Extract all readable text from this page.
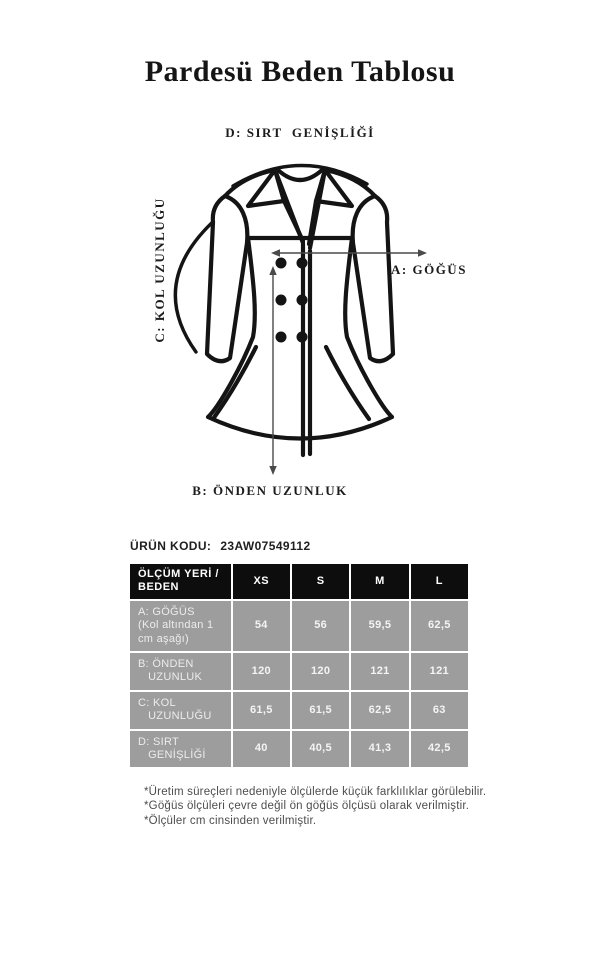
Pardesü Beden Tablosu
D: SIRT  GENİŞLİĞİ
A: GÖĞÜS
B: ÖNDEN UZUNLUK
C: KOL UZUNLUĞU
ÜRÜN KODU: 23AW07549112
ÖLÇÜM YERİ /
BEDEN	XS	S	M	L

A: GÖĞÜS
(Kol altından 1
cm aşağı)	54	56	59,5	62,5

B: ÖNDEN
UZUNLUK	120	120	121	121

C: KOL
UZUNLUĞU	61,5	61,5	62,5	63

D: SIRT
GENİŞLİĞİ	40	40,5	41,3	42,5
*Üretim süreçleri nedeniyle ölçülerde küçük farklılıklar görülebilir.
*Göğüs ölçüleri çevre değil ön göğüs ölçüsü olarak verilmiştir.
*Ölçüler cm cinsinden verilmiştir.
